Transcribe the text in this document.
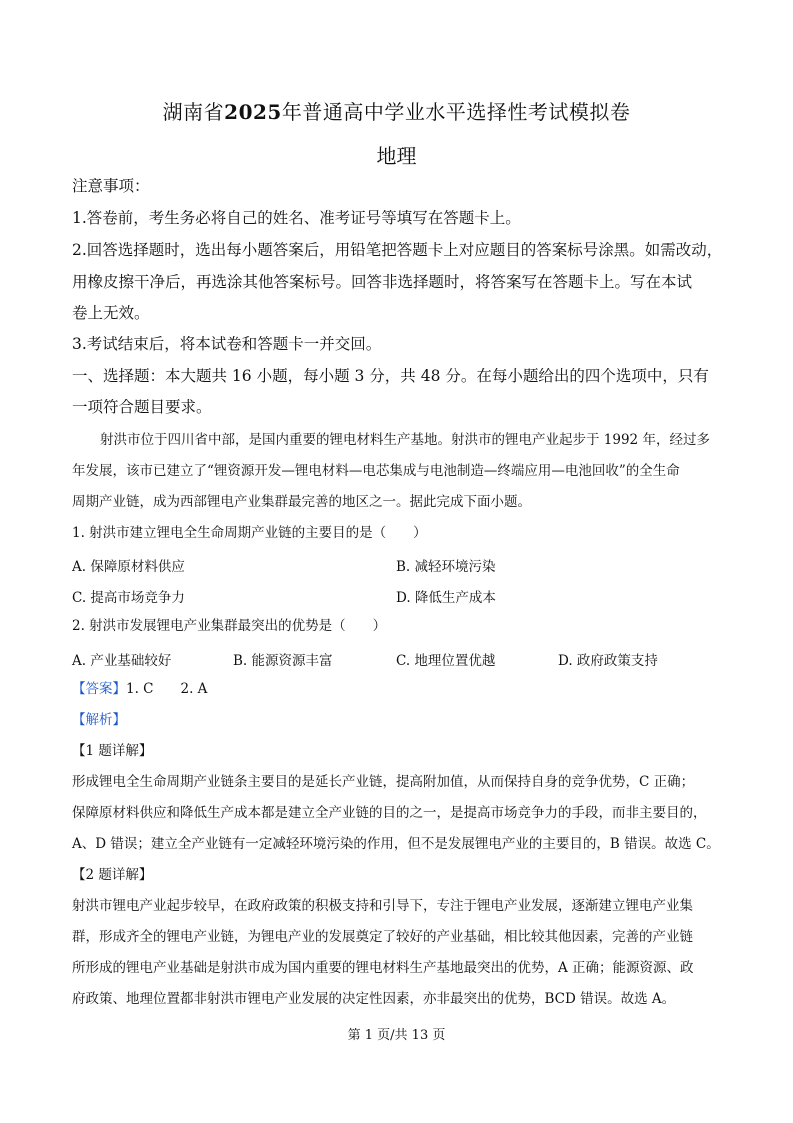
湖南省2025年普通高中学业水平选择性考试模拟卷
地理
注意事项：
1.答卷前，考生务必将自己的姓名、准考证号等填写在答题卡上。
2.回答选择题时，选出每小题答案后，用铅笔把答题卡上对应题目的答案标号涂黑。如需改动，
用橡皮擦干净后，再选涂其他答案标号。回答非选择题时，将答案写在答题卡上。写在本试
卷上无效。
3.考试结束后，将本试卷和答题卡一并交回。
一、选择题：本大题共 16 小题，每小题 3 分，共 48 分。在每小题给出的四个选项中，只有
一项符合题目要求。
射洪市位于四川省中部，是国内重要的锂电材料生产基地。射洪市的锂电产业起步于 1992 年，经过多
年发展，该市已建立了“锂资源开发—锂电材料—电芯集成与电池制造—终端应用—电池回收”的全生命
周期产业链，成为西部锂电产业集群最完善的地区之一。据此完成下面小题。
1. 射洪市建立锂电全生命周期产业链的主要目的是（　　）
A. 保障原材料供应	B. 减轻环境污染
C. 提高市场竞争力	D. 降低生产成本
2. 射洪市发展锂电产业集群最突出的优势是（　　）
A. 产业基础较好	B. 能源资源丰富	C. 地理位置优越	D. 政府政策支持
【答案】1. C　　2. A
【解析】
【1 题详解】
形成锂电全生命周期产业链条主要目的是延长产业链，提高附加值，从而保持自身的竞争优势，C 正确；
保障原材料供应和降低生产成本都是建立全产业链的目的之一，是提高市场竞争力的手段，而非主要目的，
A、D 错误；建立全产业链有一定减轻环境污染的作用，但不是发展锂电产业的主要目的，B 错误。故选 C。
【2 题详解】
射洪市锂电产业起步较早，在政府政策的积极支持和引导下，专注于锂电产业发展，逐渐建立锂电产业集
群，形成齐全的锂电产业链，为锂电产业的发展奠定了较好的产业基础，相比较其他因素，完善的产业链
所形成的锂电产业基础是射洪市成为国内重要的锂电材料生产基地最突出的优势，A 正确；能源资源、政
府政策、地理位置都非射洪市锂电产业发展的决定性因素，亦非最突出的优势，BCD 错误。故选 A。
第 1 页/共 13 页
